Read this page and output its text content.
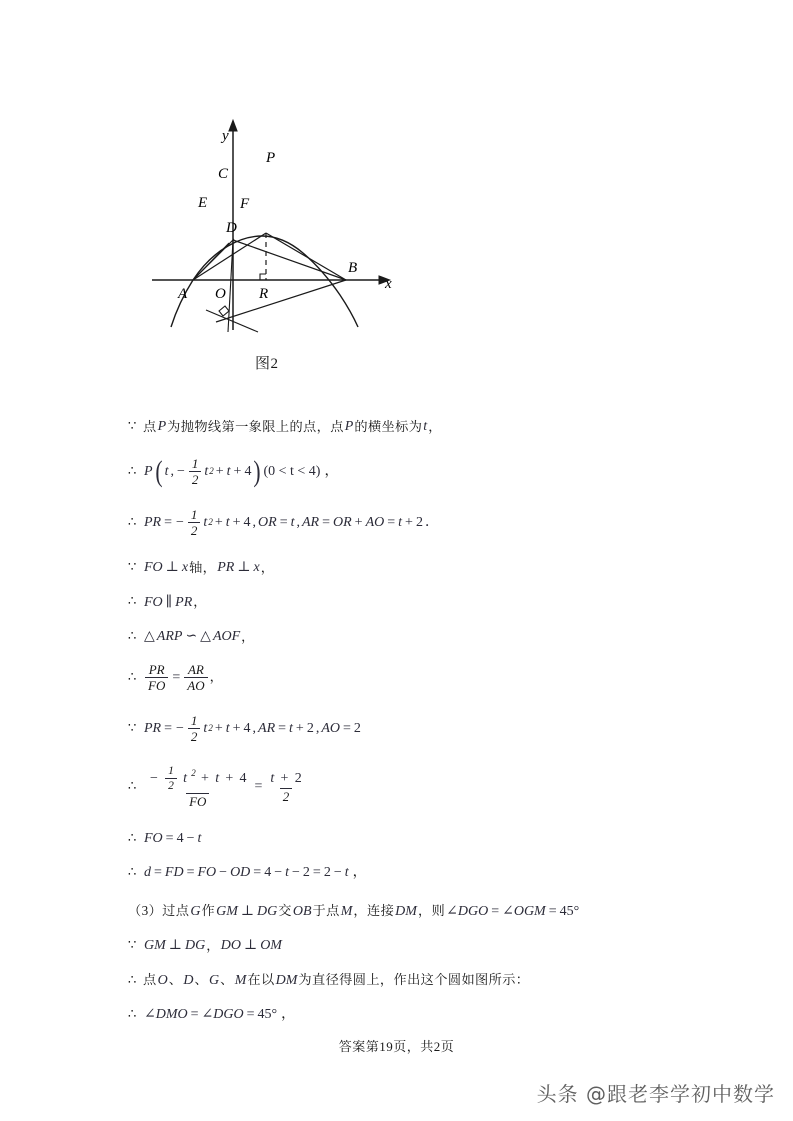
y
x
P
C
E F
D
A O R
B
图2
∵ 点 P 为抛物线第一象限上的点，点 P 的横坐标为 t ，
∴ P ( t , − $\frac{1}{2}$ t 2 + t + 4 ) (0 < t < 4) ，
∴ PR = − $\frac{1}{2}$ t 2 + t + 4 , OR = t , AR = OR + AO = t + 2 ．
∵ FO ⊥ x 轴 ， PR ⊥ x ，
∴ FO ∥ PR ，
∴ △ ARP ∽ △ AOF ，
∴ $\frac{PR}{FO} = \frac{AR}{AO}$ ，
∵ PR = − $\frac{1}{2}$ t 2 + t + 4 , AR = t + 2 , AO = 2
∴
− $\frac{1}{2}$ t $^2$ + t + 4
FO
= $\frac{t + 2}{2}$
∴ FO = 4 − t
∴ d = FD = FO − OD = 4 − t − 2 = 2 − t ，
（3） 过点 G 作 GM ⊥ DG 交 OB 于点 M ， 连接 DM ， 则 ∠DGO = ∠OGM = 45°
∵ GM ⊥ DG ， DO ⊥ OM
∴ 点 O 、 D 、 G 、 M 在以 DM 为直径得圆上，作出这个圆如图所示：
∴ ∠DMO = ∠DGO = 45° ，
答案第19页，共2页
头条 @跟老李学初中数学
